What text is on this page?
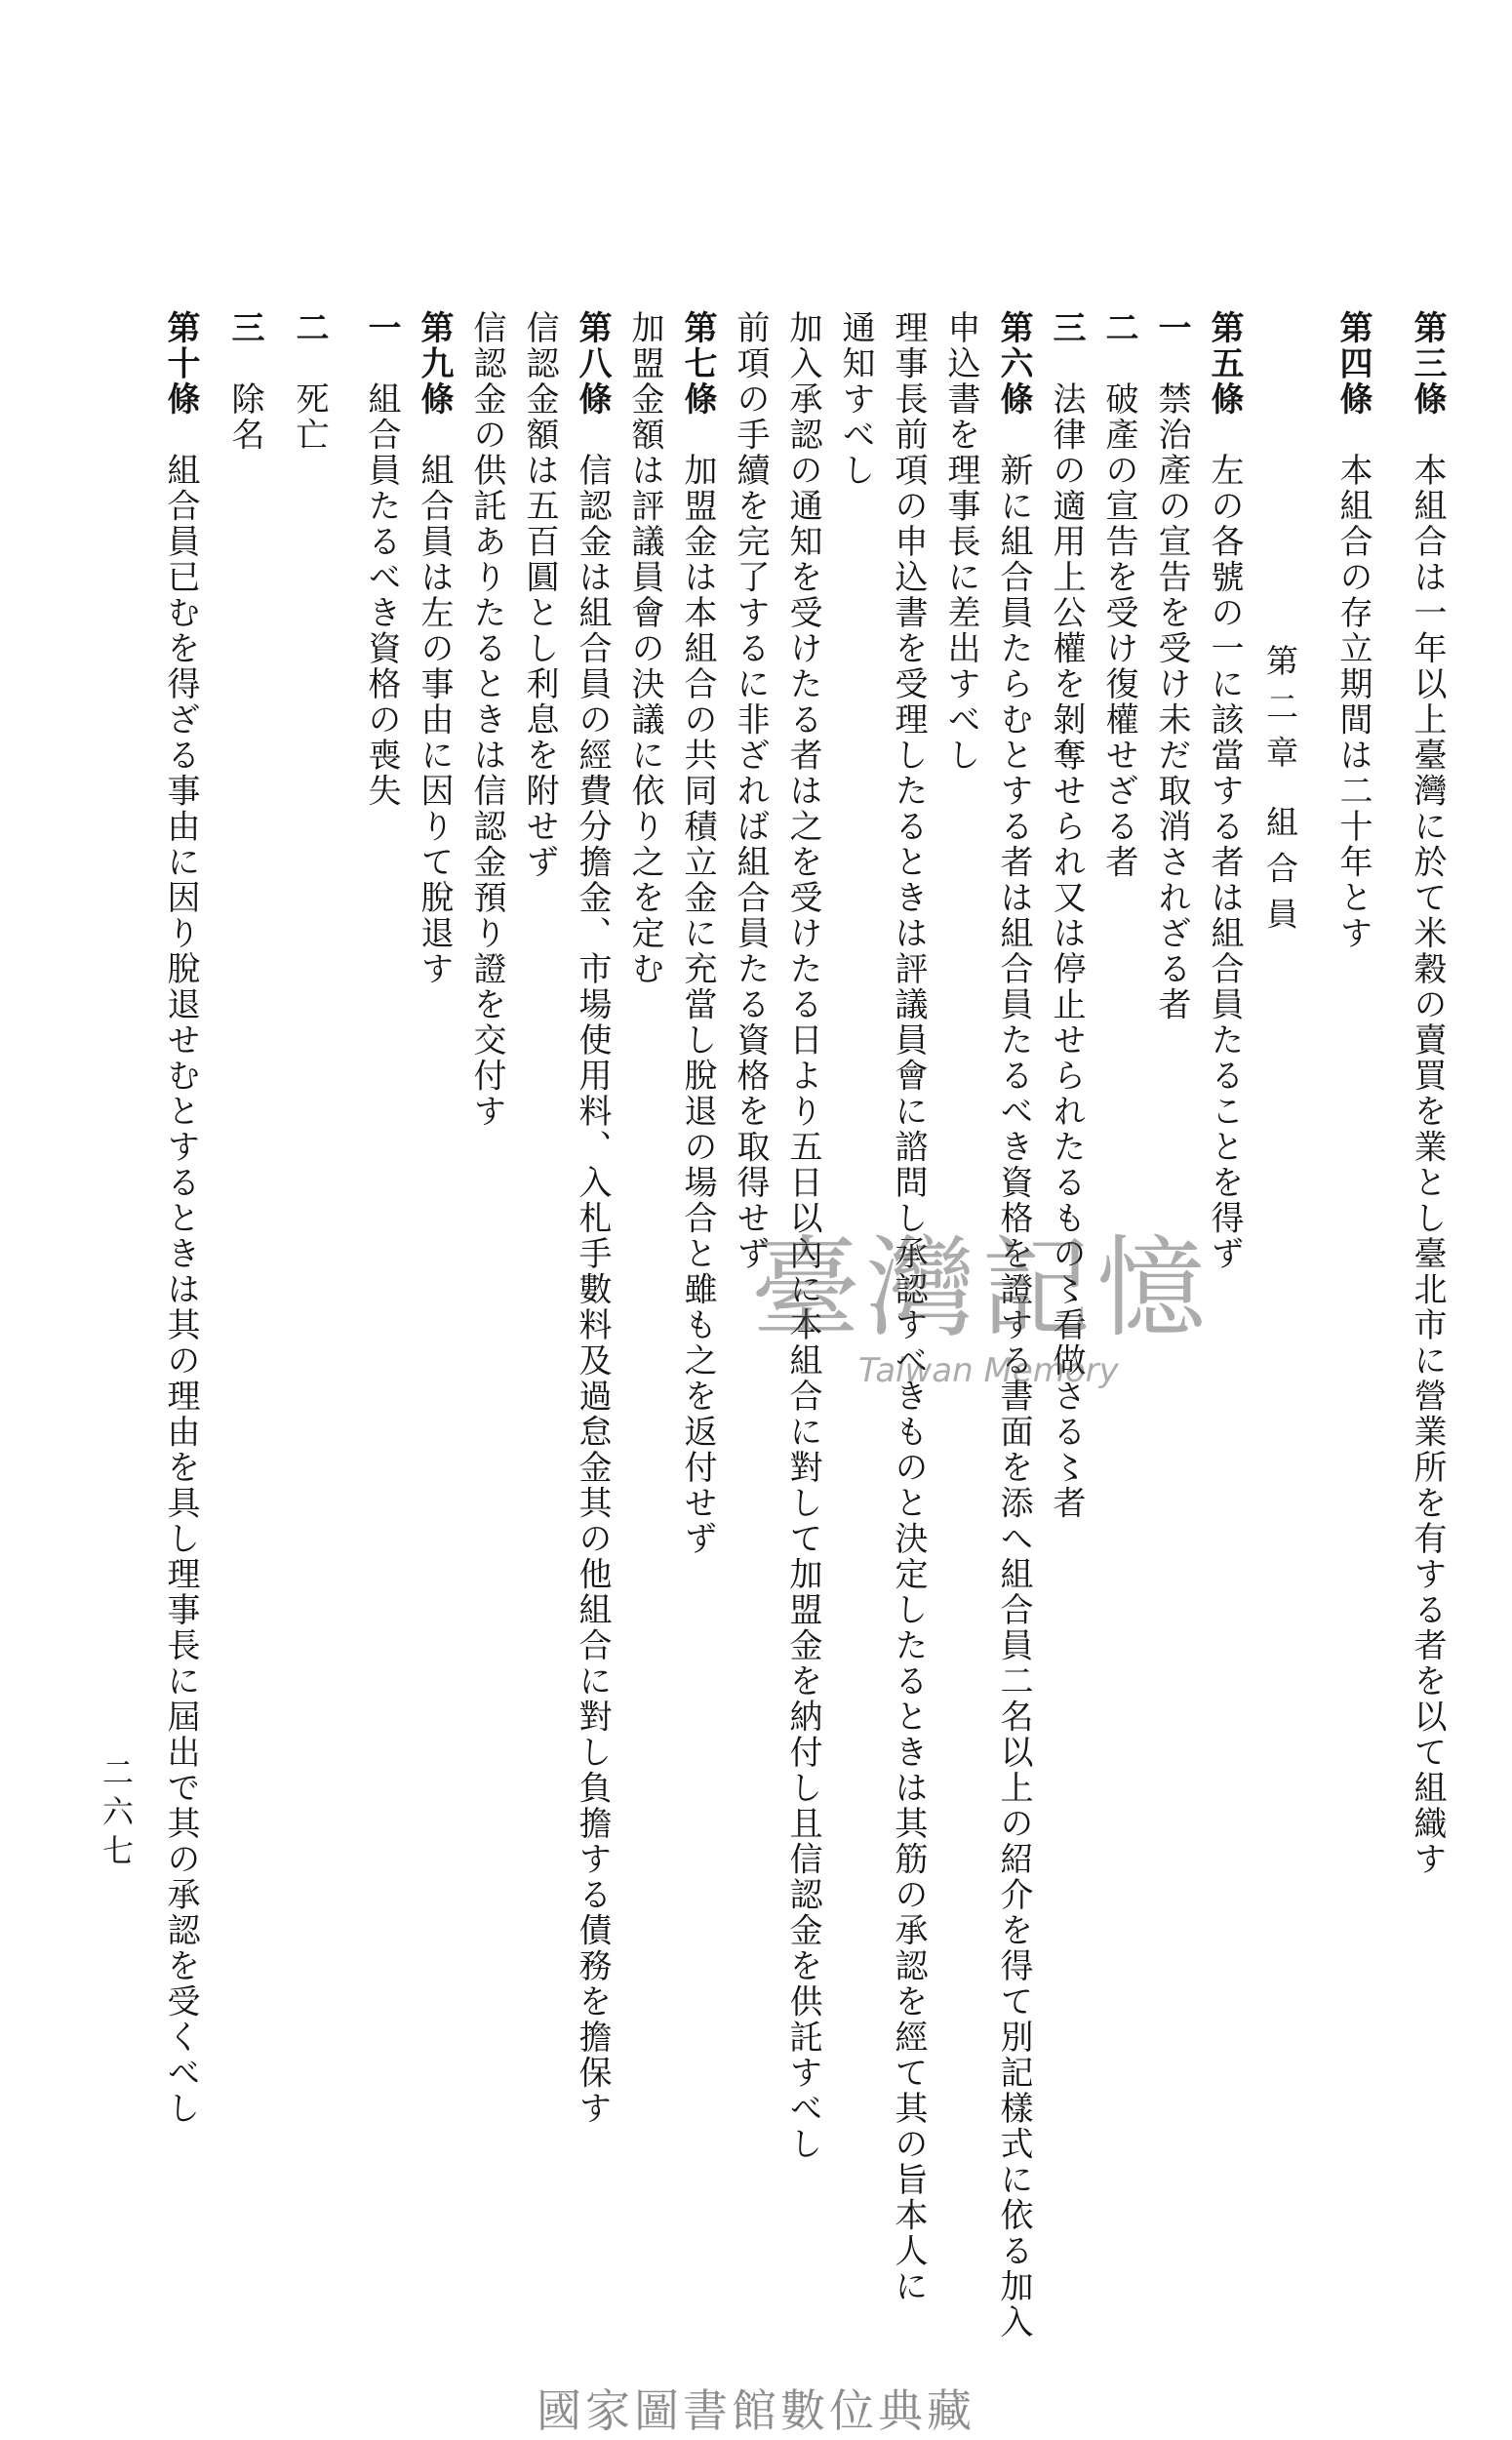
第三條　本組合は一年以上臺灣に於て米穀の賣買を業とし臺北市に營業所を有する者を以て組織す
第四條　本組合の存立期間は二十年とす
第二章 組合員
第五條　左の各號の一に該當する者は組合員たることを得ず
一　禁治產の宣告を受け未だ取消されざる者
二　破產の宣告を受け復權せざる者
三　法律の適用上公權を剝奪せられ又は停止せられたるもの〻看做さる〻者
第六條　新に組合員たらむとする者は組合員たるべき資格を證する書面を添へ組合員二名以上の紹介を得て別記樣式に依る加入
申込書を理事長に差出すべし
理事長前項の申込書を受理したるときは評議員會に諮問し承認すべきものと決定したるときは其筋の承認を經て其の旨本人に
通知すべし
加入承認の通知を受けたる者は之を受けたる日より五日以內に本組合に對して加盟金を納付し且信認金を供託すべし
前項の手續を完了するに非ざれば組合員たる資格を取得せず
第七條　加盟金は本組合の共同積立金に充當し脫退の場合と雖も之を返付せず
加盟金額は評議員會の決議に依り之を定む
第八條　信認金は組合員の經費分擔金、市場使用料、入札手數料及過怠金其の他組合に對し負擔する債務を擔保す
信認金額は五百圓とし利息を附せず
信認金の供託ありたるときは信認金預り證を交付す
第九條　組合員は左の事由に因りて脫退す
一　組合員たるべき資格の喪失
二　死亡
三　除名
第十條　組合員已むを得ざる事由に因り脫退せむとするときは其の理由を具し理事長に屆出で其の承認を受くべし
二六七
臺灣記憶
Taiwan Memory
國家圖書館數位典藏
